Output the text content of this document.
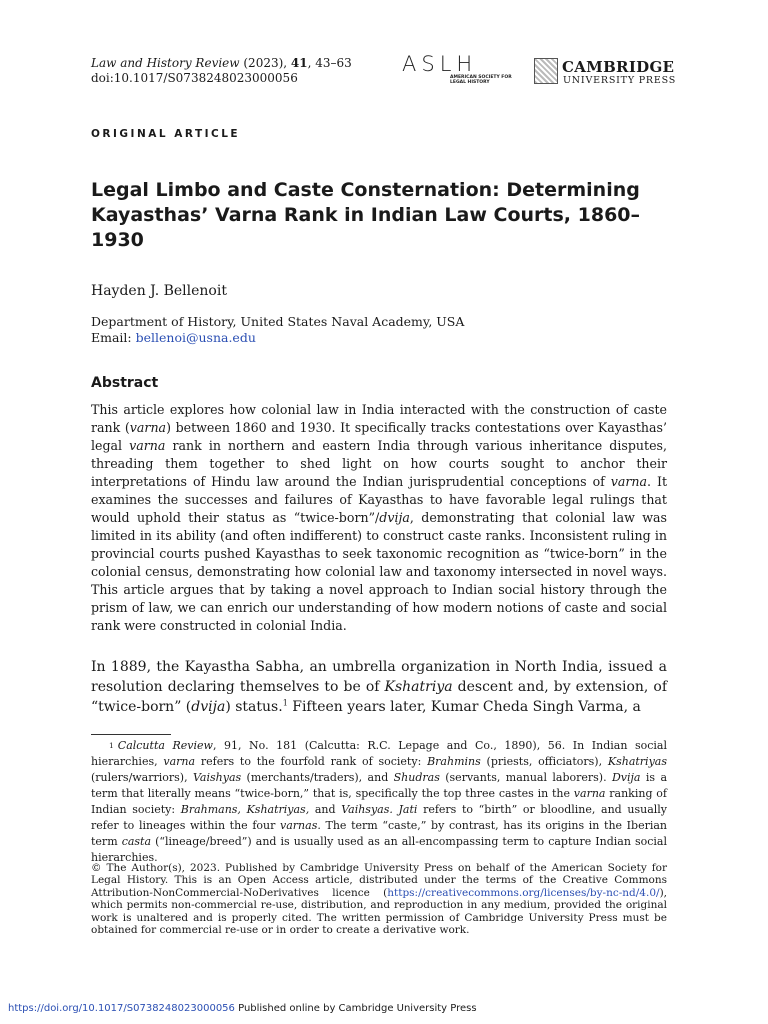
Law and History Review (2023), 41, 43–63
doi:10.1017/S0738248023000056
ASLH
AMERICAN SOCIETY FOR LEGAL HISTORY
CAMBRIDGE
UNIVERSITY PRESS
ORIGINAL ARTICLE
Legal Limbo and Caste Consternation: Determining Kayasthas’ Varna Rank in Indian Law Courts, 1860–1930
Hayden J. Bellenoit
Department of History, United States Naval Academy, USA
Email: bellenoi@usna.edu
Abstract
This article explores how colonial law in India interacted with the construction of caste rank (varna) between 1860 and 1930. It specifically tracks contestations over Kayasthas’ legal varna rank in northern and eastern India through various inheritance disputes, threading them together to shed light on how courts sought to anchor their interpretations of Hindu law around the Indian jurisprudential conceptions of varna. It examines the successes and failures of Kayasthas to have favorable legal rulings that would uphold their status as “twice-born”/dvija, demonstrating that colonial law was limited in its ability (and often indifferent) to construct caste ranks. Inconsistent ruling in provincial courts pushed Kayasthas to seek taxonomic recognition as “twice-born” in the colonial census, demonstrating how colonial law and taxonomy intersected in novel ways. This article argues that by taking a novel approach to Indian social history through the prism of law, we can enrich our understanding of how modern notions of caste and social rank were constructed in colonial India.
In 1889, the Kayastha Sabha, an umbrella organization in North India, issued a resolution declaring themselves to be of Kshatriya descent and, by extension, of “twice-born” (dvija) status.$^1$ Fifteen years later, Kumar Cheda Singh Varma, a
$^1$ Calcutta Review, 91, No. 181 (Calcutta: R.C. Lepage and Co., 1890), 56. In Indian social hierarchies, varna refers to the fourfold rank of society: Brahmins (priests, officiators), Kshatriyas (rulers/warriors), Vaishyas (merchants/traders), and Shudras (servants, manual laborers). Dvija is a term that literally means “twice-born,” that is, specifically the top three castes in the varna ranking of Indian society: Brahmans, Kshatriyas, and Vaihsyas. Jati refers to “birth” or bloodline, and usually refer to lineages within the four varnas. The term “caste,” by contrast, has its origins in the Iberian term casta (“lineage/breed”) and is usually used as an all-encompassing term to capture Indian social hierarchies.
© The Author(s), 2023. Published by Cambridge University Press on behalf of the American Society for Legal History. This is an Open Access article, distributed under the terms of the Creative Commons Attribution-NonCommercial-NoDerivatives licence (https://creativecommons.org/licenses/by-nc-nd/4.0/), which permits non-commercial re-use, distribution, and reproduction in any medium, provided the original work is unaltered and is properly cited. The written permission of Cambridge University Press must be obtained for commercial re-use or in order to create a derivative work.
https://doi.org/10.1017/S0738248023000056 Published online by Cambridge University Press
